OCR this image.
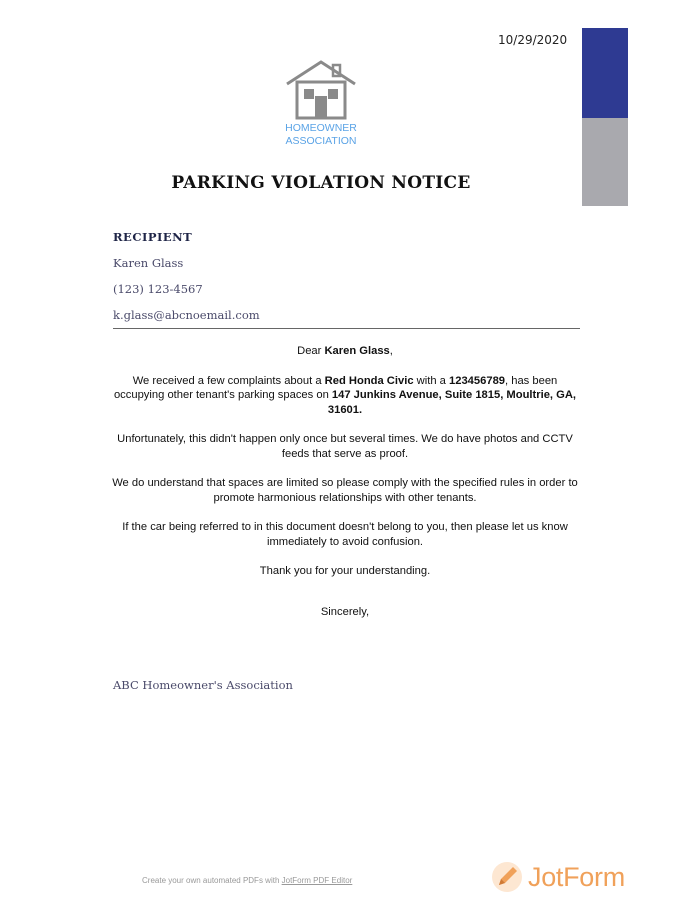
10/29/2020
HOMEOWNER
ASSOCIATION
PARKING VIOLATION NOTICE
RECIPIENT
Karen Glass
(123) 123-4567
k.glass@abcnoemail.com

Dear Karen Glass,

We received a few complaints about a Red Honda Civic with a 123456789, has been occupying other tenant's parking spaces on 147 Junkins Avenue, Suite 1815, Moultrie, GA, 31601.

Unfortunately, this didn't happen only once but several times. We do have photos and CCTV feeds that serve as proof.

We do understand that spaces are limited so please comply with the specified rules in order to promote harmonious relationships with other tenants.

If the car being referred to in this document doesn't belong to you, then please let us know immediately to avoid confusion.

Thank you for your understanding.

Sincerely,

ABC Homeowner's Association
Create your own automated PDFs with JotForm PDF Editor	JotForm
